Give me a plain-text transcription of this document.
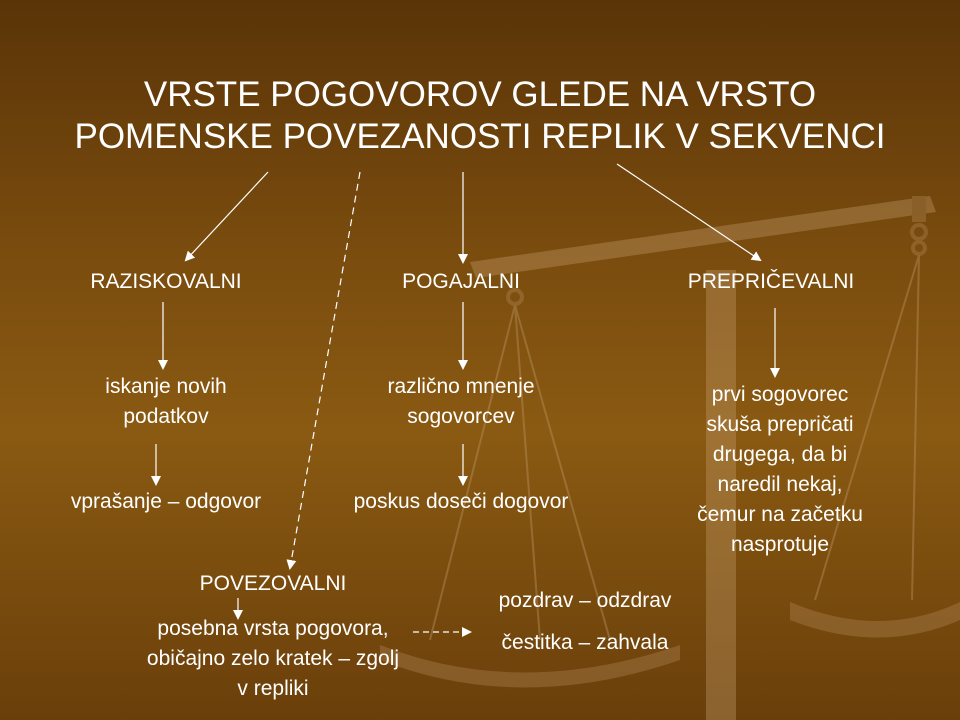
VRSTE POGOVOROV GLEDE NA VRSTO
POMENSKE POVEZANOSTI REPLIK V SEKVENCI
RAZISKOVALNI
iskanje novih
podatkov
vprašanje – odgovor
POGAJALNI
različno mnenje
sogovorcev
poskus doseči dogovor
PREPRIČEVALNI
prvi sogovorec
skuša prepričati
drugega, da bi
naredil nekaj,
čemur na začetku
nasprotuje
POVEZOVALNI
posebna vrsta pogovora,
običajno zelo kratek – zgolj
v repliki
pozdrav – odzdrav
čestitka – zahvala
